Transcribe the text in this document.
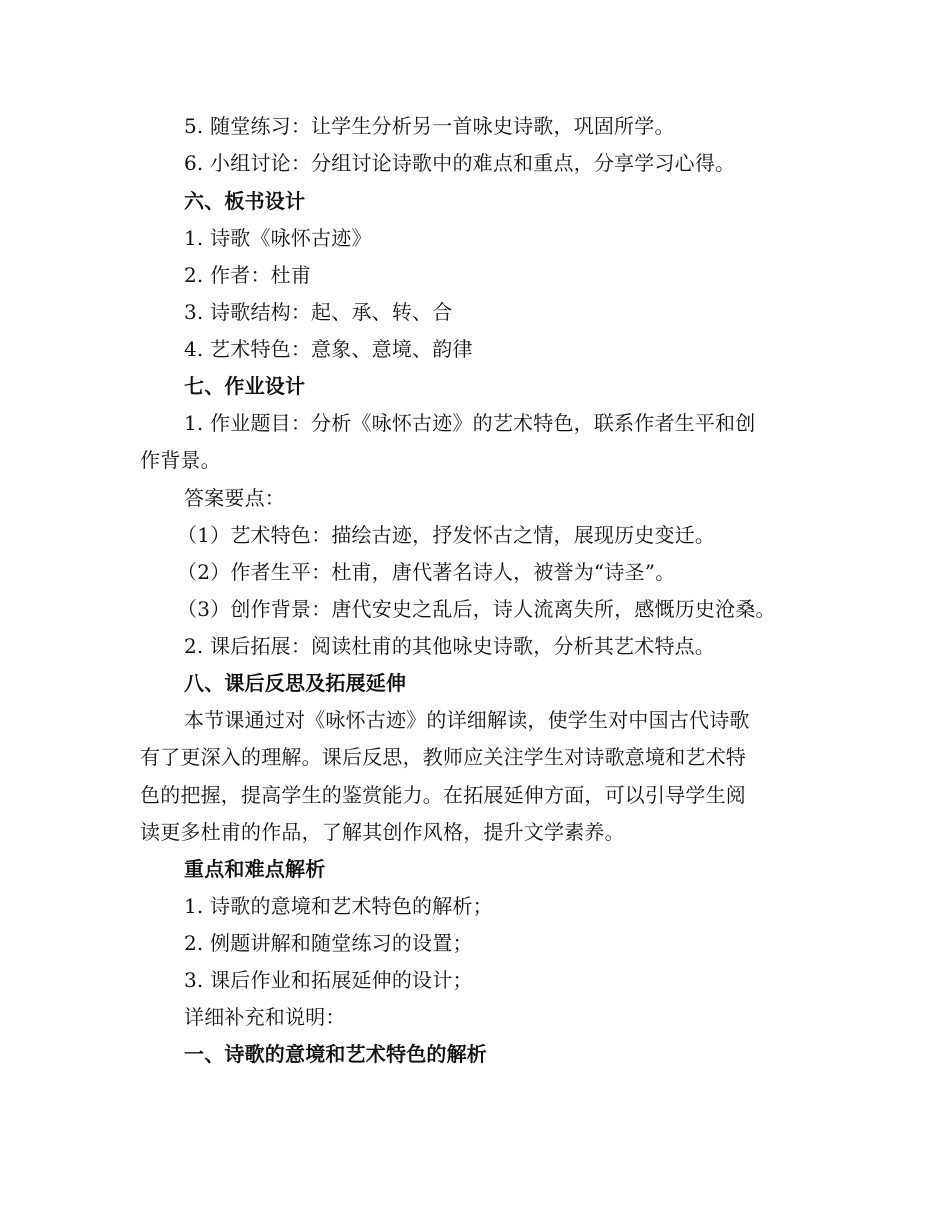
5. 随堂练习：让学生分析另一首咏史诗歌，巩固所学。
6. 小组讨论：分组讨论诗歌中的难点和重点，分享学习心得。
六、板书设计
1. 诗歌《咏怀古迹》
2. 作者：杜甫
3. 诗歌结构：起、承、转、合
4. 艺术特色：意象、意境、韵律
七、作业设计
1. 作业题目：分析《咏怀古迹》的艺术特色，联系作者生平和创
作背景。
答案要点：
（1）艺术特色：描绘古迹，抒发怀古之情，展现历史变迁。
（2）作者生平：杜甫，唐代著名诗人，被誉为“诗圣”。
（3）创作背景：唐代安史之乱后，诗人流离失所，感慨历史沧桑。
2. 课后拓展：阅读杜甫的其他咏史诗歌，分析其艺术特点。
八、课后反思及拓展延伸
本节课通过对《咏怀古迹》的详细解读，使学生对中国古代诗歌
有了更深入的理解。课后反思，教师应关注学生对诗歌意境和艺术特
色的把握，提高学生的鉴赏能力。在拓展延伸方面，可以引导学生阅
读更多杜甫的作品，了解其创作风格，提升文学素养。
重点和难点解析
1. 诗歌的意境和艺术特色的解析；
2. 例题讲解和随堂练习的设置；
3. 课后作业和拓展延伸的设计；
详细补充和说明：
一、诗歌的意境和艺术特色的解析
